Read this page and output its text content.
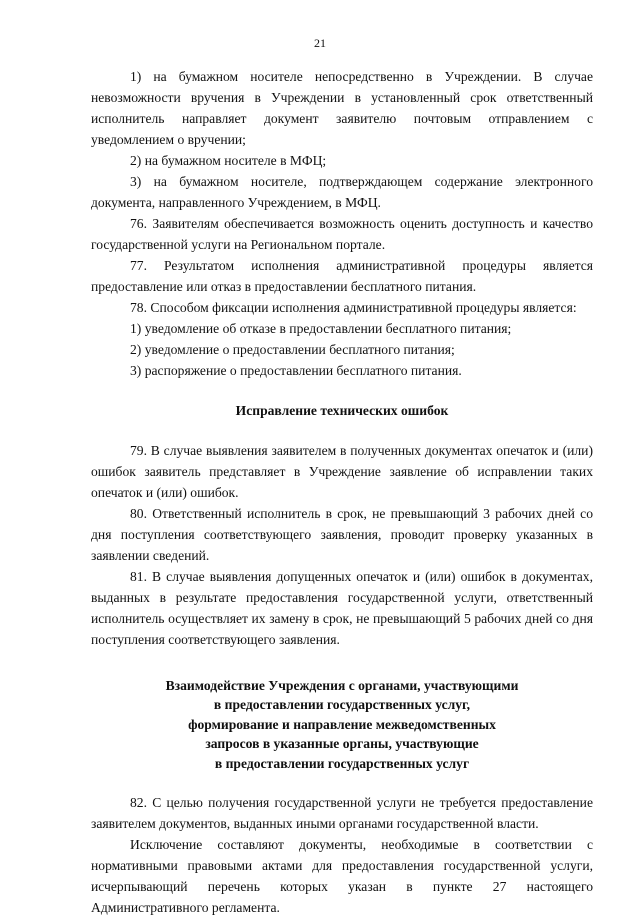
21

1) на бумажном носителе непосредственно в Учреждении. В случае невозможности вручения в Учреждении в установленный срок ответственный исполнитель направляет документ заявителю почтовым отправлением с уведомлением о вручении;

2) на бумажном носителе в МФЦ;

3) на бумажном носителе, подтверждающем содержание электронного документа, направленного Учреждением, в МФЦ.

76. Заявителям обеспечивается возможность оценить доступность и качество государственной услуги на Региональном портале.

77. Результатом исполнения административной процедуры является предоставление или отказ в предоставлении бесплатного питания.

78. Способом фиксации исполнения административной процедуры является:

1) уведомление об отказе в предоставлении бесплатного питания;

2) уведомление о предоставлении бесплатного питания;

3) распоряжение о предоставлении бесплатного питания.

Исправление технических ошибок

79. В случае выявления заявителем в полученных документах опечаток и (или) ошибок заявитель представляет в Учреждение заявление об исправлении таких опечаток и (или) ошибок.

80. Ответственный исполнитель в срок, не превышающий 3 рабочих дней со дня поступления соответствующего заявления, проводит проверку указанных в заявлении сведений.

81. В случае выявления допущенных опечаток и (или) ошибок в документах, выданных в результате предоставления государственной услуги, ответственный исполнитель осуществляет их замену в срок, не превышающий 5 рабочих дней со дня поступления соответствующего заявления.

Взаимодействие Учреждения с органами, участвующими
в предоставлении государственных услуг,
формирование и направление межведомственных
запросов в указанные органы, участвующие
в предоставлении государственных услуг

82. С целью получения государственной услуги не требуется предоставление заявителем документов, выданных иными органами государственной власти.

Исключение составляют документы, необходимые в соответствии с нормативными правовыми актами для предоставления государственной услуги, исчерпывающий перечень которых указан в пункте 27 настоящего Административного регламента.
